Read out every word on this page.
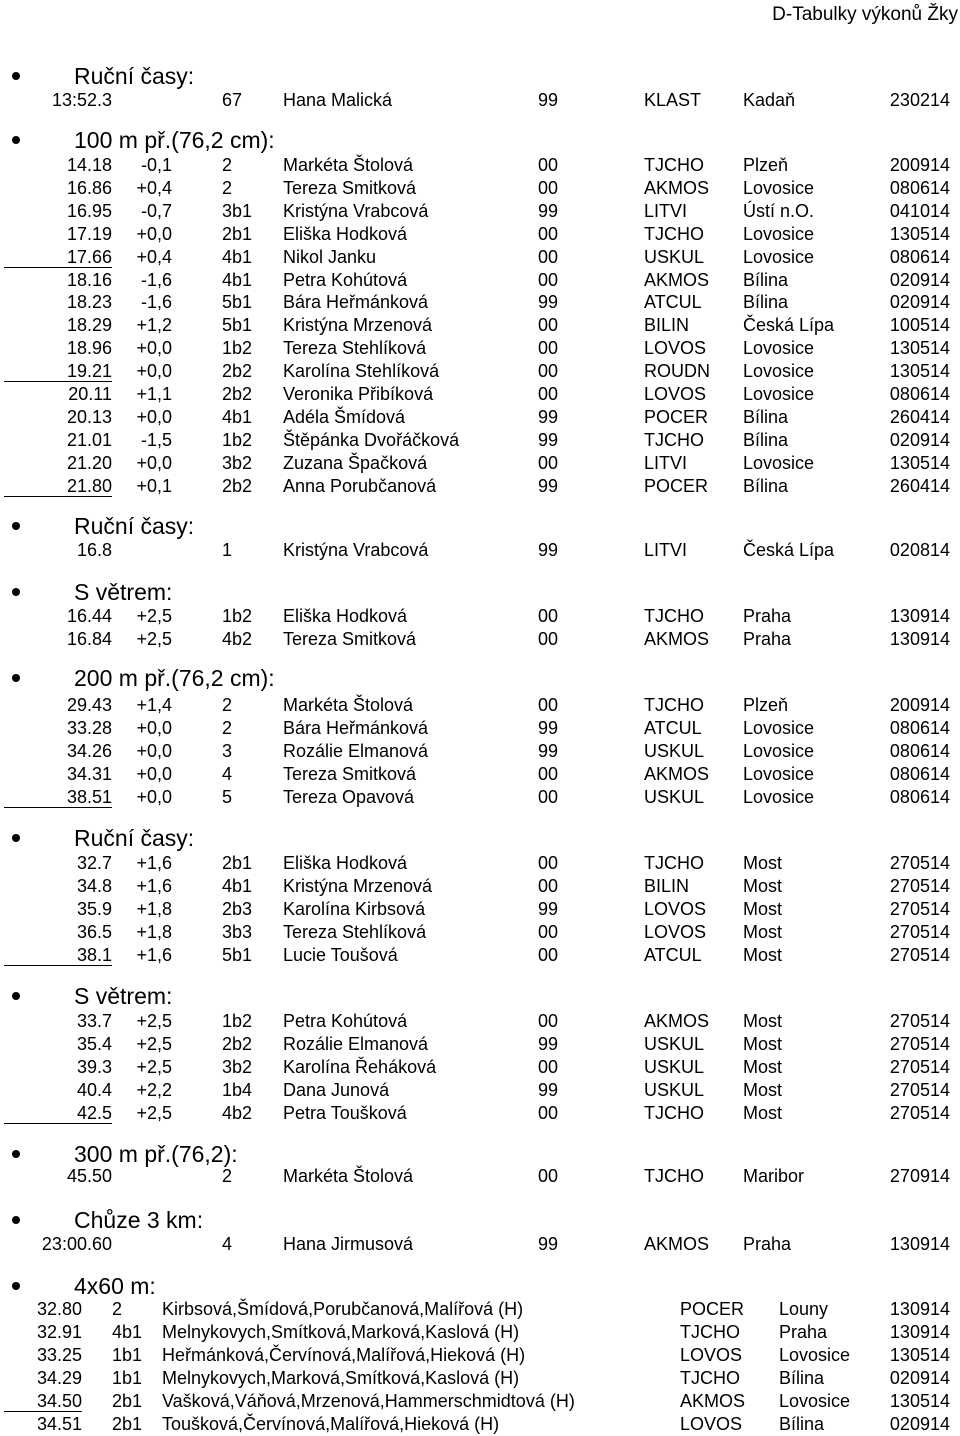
D-Tabulky výkonů Žky
Ruční časy:
13:52.3	67 Hana Malická	99	KLAST Kadaň	230214
100 m př.(76,2 cm):
14.18 -0,1	2	Markéta Štolová	00	TJCHO Plzeň	200914
16.86 +0,4	2	Tereza Smitková	00	AKMOS Lovosice	080614
16.95 -0,7	3b1 Kristýna Vrabcová	99	LITVI	Ústí n.O.	041014
17.19 +0,0	2b1 Eliška Hodková	00	TJCHO Lovosice	130514
17.66 +0,4	4b1 Nikol Janku	00	USKUL Lovosice	080614
18.16 -1,6	4b1 Petra Kohútová	00	AKMOS Bílina	020914
18.23 -1,6	5b1 Bára Heřmánková	99	ATCUL Bílina	020914
18.29 +1,2	5b1 Kristýna Mrzenová	00	BILIN	Česká Lípa	100514
18.96 +0,0	1b2 Tereza Stehlíková	00	LOVOS Lovosice	130514
19.21 +0,0	2b2 Karolína Stehlíková	00	ROUDN Lovosice	130514
20.11 +1,1	2b2 Veronika Přibíková	00	LOVOS Lovosice	080614
20.13 +0,0	4b1 Adéla Šmídová	99	POCER Bílina	260414
21.01 -1,5	1b2 Štěpánka Dvořáčková	99	TJCHO Bílina	020914
21.20 +0,0	3b2 Zuzana Špačková	00	LITVI	Lovosice	130514
21.80 +0,1	2b2 Anna Porubčanová	99	POCER Bílina	260414
Ruční časy:
16.8	1	Kristýna Vrabcová	99	LITVI	Česká Lípa	020814
S větrem:
16.44 +2,5	1b2 Eliška Hodková	00	TJCHO Praha	130914
16.84 +2,5	4b2 Tereza Smitková	00	AKMOS Praha	130914
200 m př.(76,2 cm):
29.43 +1,4	2	Markéta Štolová	00	TJCHO Plzeň	200914
33.28 +0,0	2	Bára Heřmánková	99	ATCUL Lovosice	080614
34.26 +0,0	3	Rozálie Elmanová	99	USKUL Lovosice	080614
34.31 +0,0	4	Tereza Smitková	00	AKMOS Lovosice	080614
38.51 +0,0	5	Tereza Opavová	00	USKUL Lovosice	080614
Ruční časy:
32.7 +1,6	2b1 Eliška Hodková	00	TJCHO Most	270514
34.8 +1,6	4b1 Kristýna Mrzenová	00	BILIN	Most	270514
35.9 +1,8	2b3 Karolína Kirbsová	99	LOVOS Most	270514
36.5 +1,8	3b3 Tereza Stehlíková	00	LOVOS Most	270514
38.1 +1,6	5b1 Lucie Toušová	00	ATCUL Most	270514
S větrem:
33.7 +2,5	1b2 Petra Kohútová	00	AKMOS Most	270514
35.4 +2,5	2b2 Rozálie Elmanová	99	USKUL Most	270514
39.3 +2,5	3b2 Karolína Řeháková	00	USKUL Most	270514
40.4 +2,2	1b4 Dana Junová	99	USKUL Most	270514
42.5 +2,5	4b2 Petra Toušková	00	TJCHO Most	270514
300 m př.(76,2):
45.50	2	Markéta Štolová	00	TJCHO Maribor	270914
Chůze 3 km:
23:00.60	4	Hana Jirmusová	99	AKMOS Praha	130914
4x60 m:
32.80 2 Kirbsová,Šmídová,Porubčanová,Malířová (H)	POCER Louny	130914
32.91 4b1 Melnykovych,Smítková,Marková,Kaslová (H)	TJCHO Praha	130914
33.25 1b1 Heřmánková,Červínová,Malířová,Hieková (H)	LOVOS Lovosice 130514
34.29 1b1 Melnykovych,Marková,Smítková,Kaslová (H)	TJCHO Bílina	020914
34.50 2b1 Vašková,Váňová,Mrzenová,Hammerschmidtová (H)	AKMOS Lovosice 130514
34.51 2b1 Toušková,Červínová,Malířová,Hieková (H)	LOVOS Bílina	020914
